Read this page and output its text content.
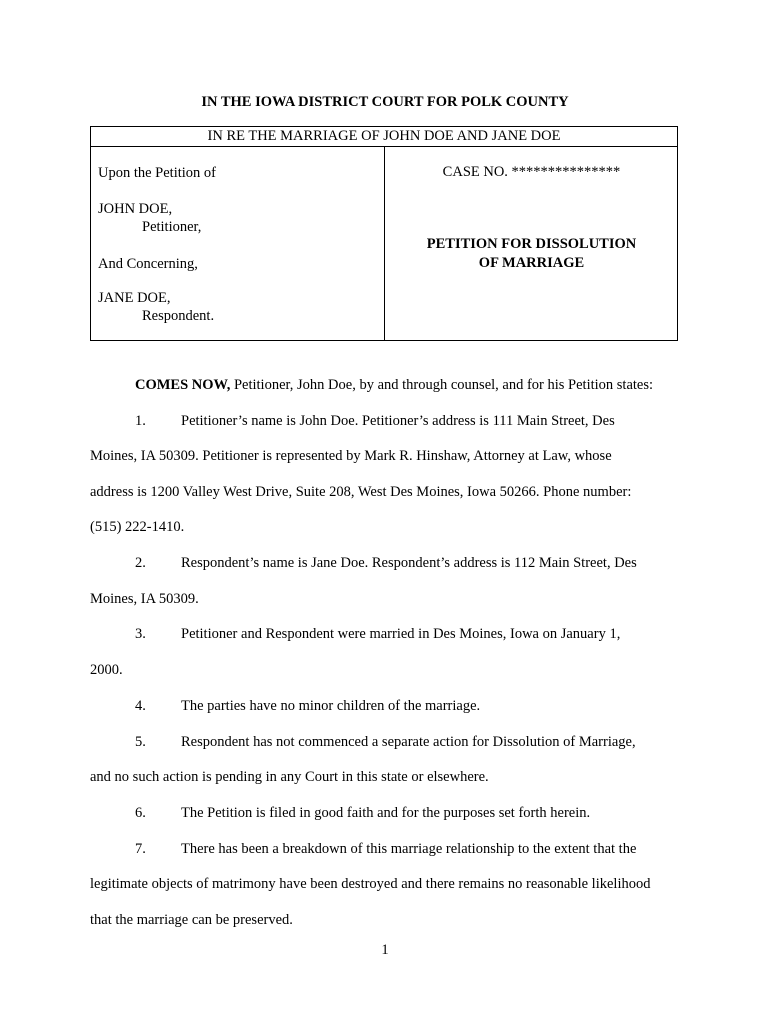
IN THE IOWA DISTRICT COURT FOR POLK COUNTY
IN RE THE MARRIAGE OF JOHN DOE AND JANE DOE
Upon the Petition of
JOHN DOE,
Petitioner,
And Concerning,
JANE DOE,
Respondent.
CASE NO. ***************
PETITION FOR DISSOLUTION
OF MARRIAGE
COMES NOW, Petitioner, John Doe, by and through counsel, and for his Petition states:
1. Petitioner’s name is John Doe. Petitioner’s address is 111 Main Street, Des
Moines, IA 50309. Petitioner is represented by Mark R. Hinshaw, Attorney at Law, whose
address is 1200 Valley West Drive, Suite 208, West Des Moines, Iowa 50266. Phone number:
(515) 222-1410.
2. Respondent’s name is Jane Doe. Respondent’s address is 112 Main Street, Des
Moines, IA 50309.
3. Petitioner and Respondent were married in Des Moines, Iowa on January 1,
2000.
4. The parties have no minor children of the marriage.
5. Respondent has not commenced a separate action for Dissolution of Marriage,
and no such action is pending in any Court in this state or elsewhere.
6. The Petition is filed in good faith and for the purposes set forth herein.
7. There has been a breakdown of this marriage relationship to the extent that the
legitimate objects of matrimony have been destroyed and there remains no reasonable likelihood
that the marriage can be preserved.
1
